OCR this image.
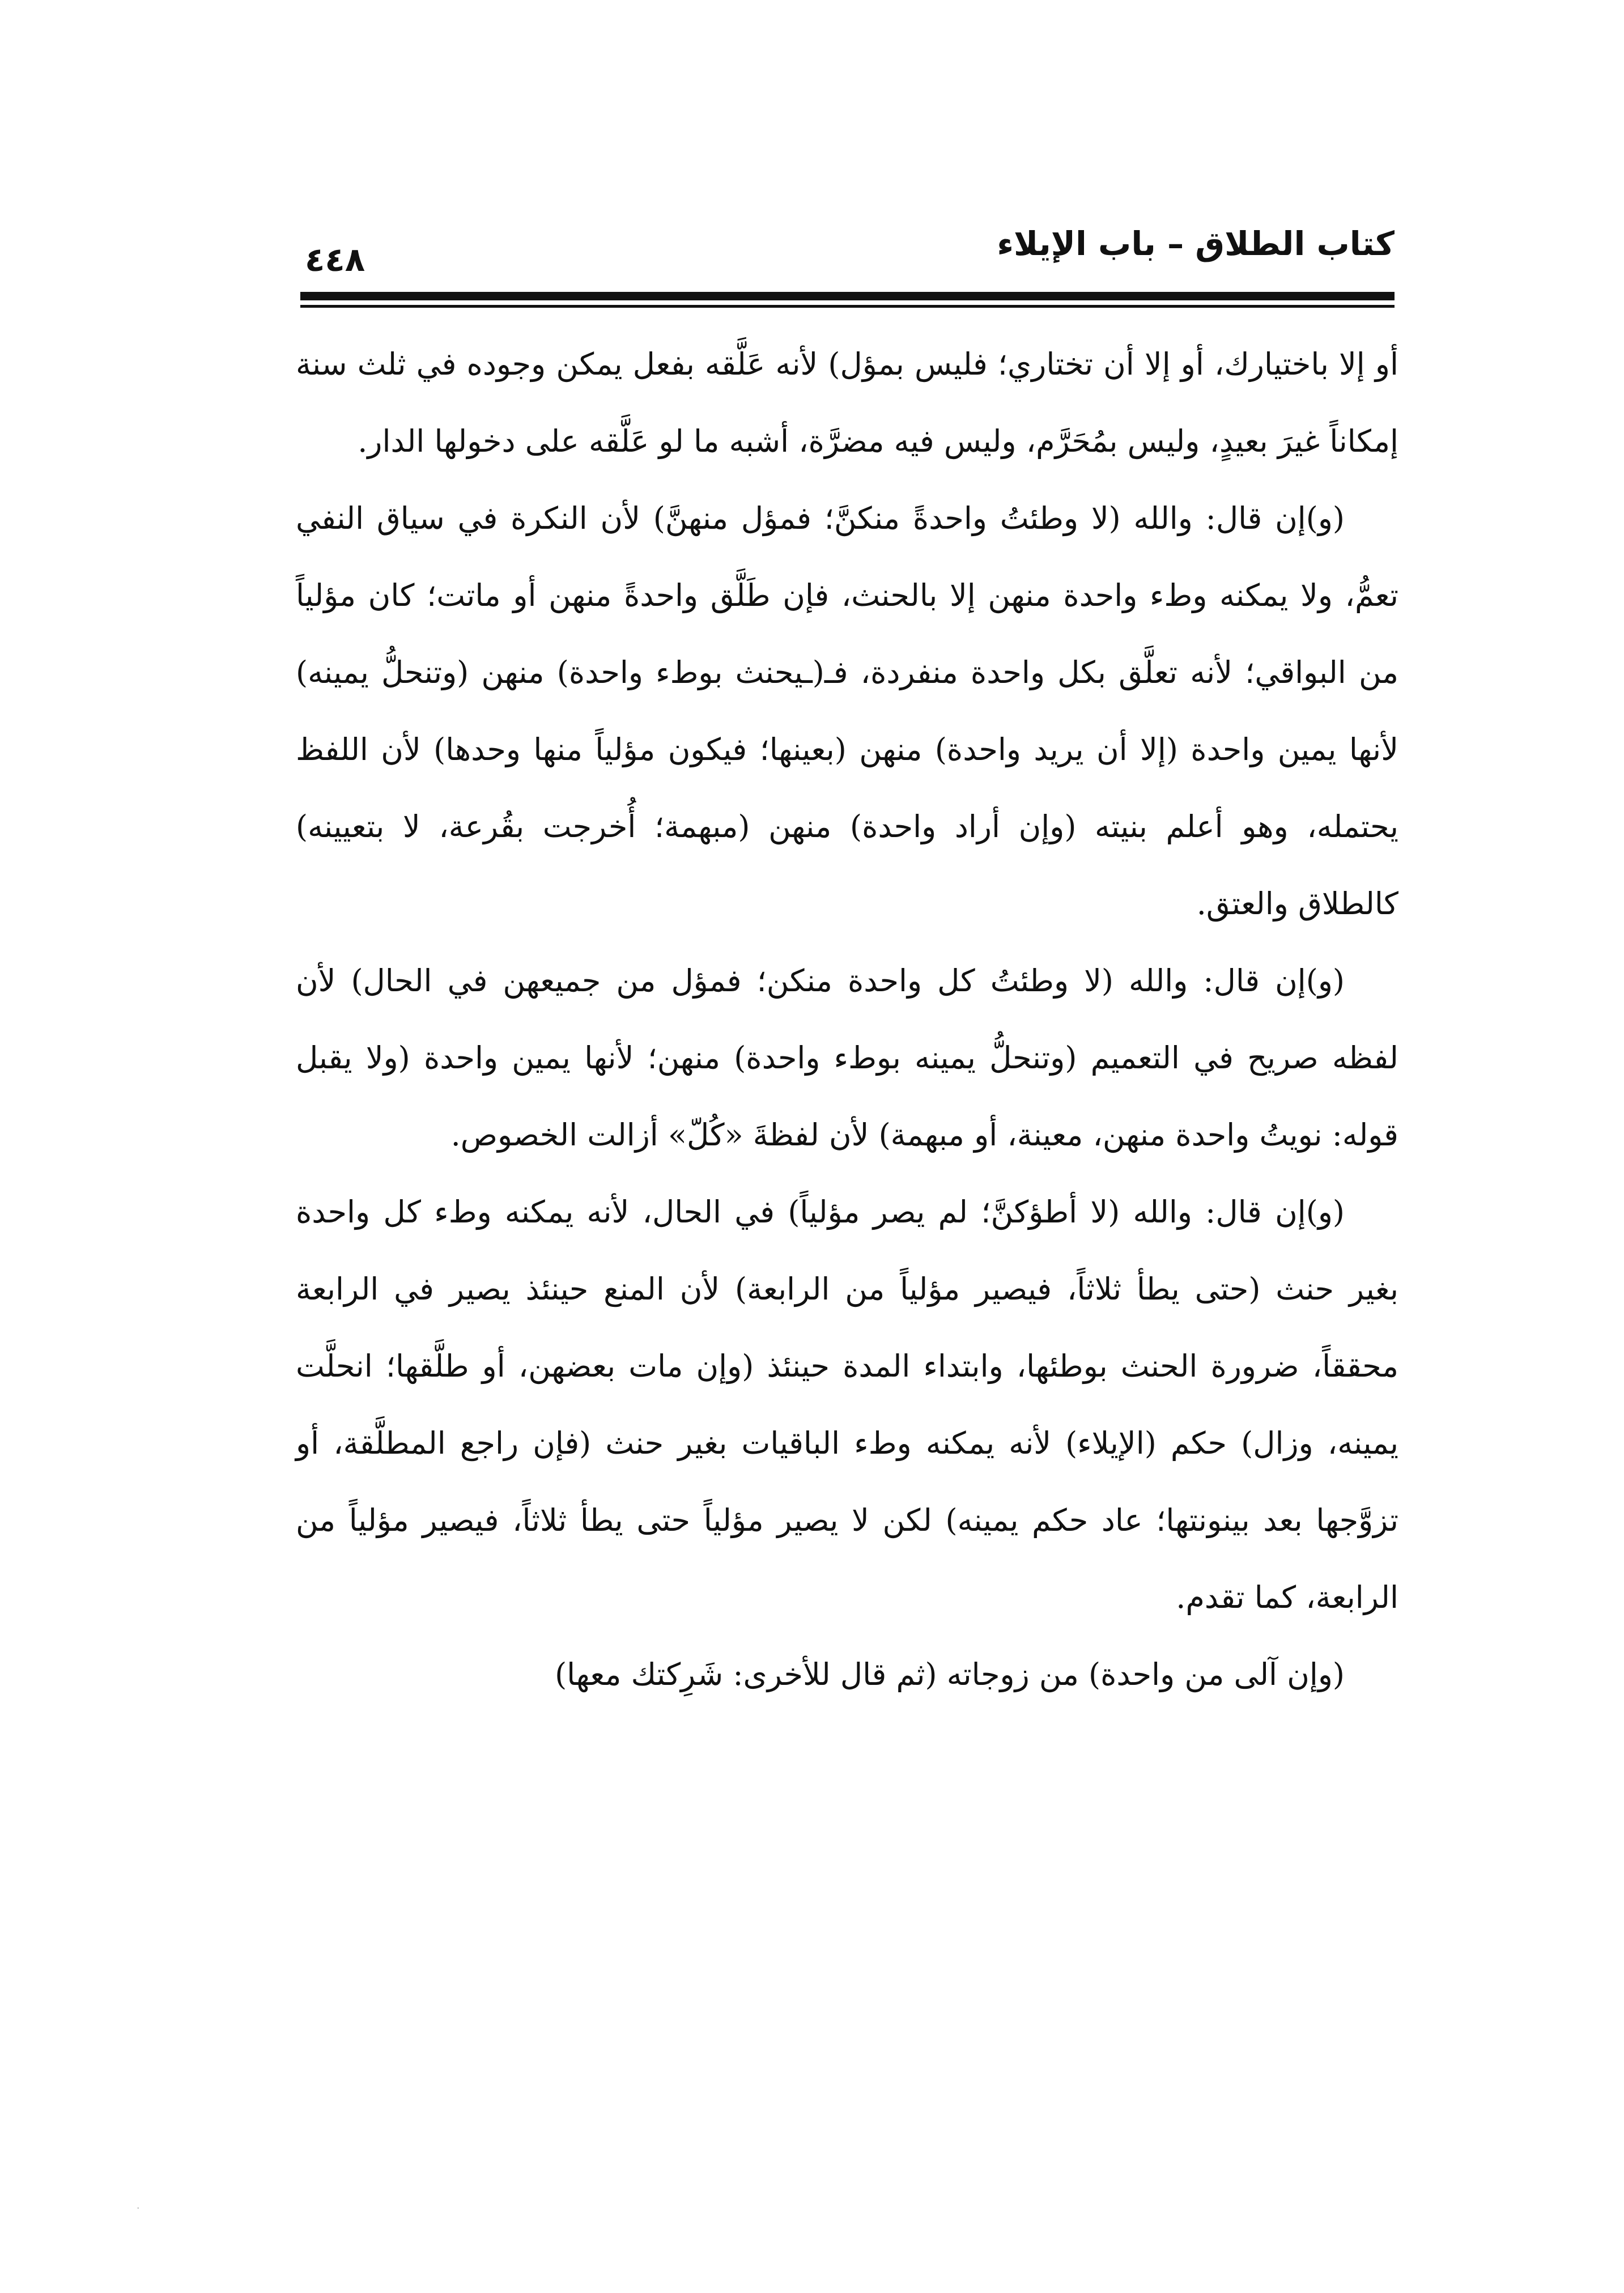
كتاب الطلاق – باب الإيلاء
٤٤٨

أو إلا باختيارك، أو إلا أن تختاري؛ فليس بمؤل) لأنه عَلَّقه بفعل يمكن وجوده في ثلث سنة إمكاناً غيرَ بعيدٍ، وليس بمُحَرَّم، وليس فيه مضرَّة، أشبه ما لو عَلَّقه على دخولها الدار.

(و)إن قال: والله (لا وطئتُ واحدةً منكنَّ؛ فمؤل منهنَّ) لأن النكرة في سياق النفي تعمُّ، ولا يمكنه وطء واحدة منهن إلا بالحنث، فإن طَلَّق واحدةً منهن أو ماتت؛ كان مؤلياً من البواقي؛ لأنه تعلَّق بكل واحدة منفردة، فـ(ـيحنث بوطء واحدة) منهن (وتنحلُّ يمينه) لأنها يمين واحدة (إلا أن يريد واحدة) منهن (بعينها؛ فيكون مؤلياً منها وحدها) لأن اللفظ يحتمله، وهو أعلم بنيته (وإن أراد واحدة) منهن (مبهمة؛ أُخرجت بقُرعة، لا بتعيينه) كالطلاق والعتق.

(و)إن قال: والله (لا وطئتُ كل واحدة منكن؛ فمؤل من جميعهن في الحال) لأن لفظه صريح في التعميم (وتنحلُّ يمينه بوطء واحدة) منهن؛ لأنها يمين واحدة (ولا يقبل قوله: نويتُ واحدة منهن، معينة، أو مبهمة) لأن لفظةَ «كُلّ» أزالت الخصوص.

(و)إن قال: والله (لا أطؤكنَّ؛ لم يصر مؤلياً) في الحال، لأنه يمكنه وطء كل واحدة بغير حنث (حتى يطأ ثلاثاً، فيصير مؤلياً من الرابعة) لأن المنع حينئذ يصير في الرابعة محققاً، ضرورة الحنث بوطئها، وابتداء المدة حينئذ (وإن مات بعضهن، أو طلَّقها؛ انحلَّت يمينه، وزال) حكم (الإيلاء) لأنه يمكنه وطء الباقيات بغير حنث (فإن راجع المطلَّقة، أو تزوَّجها بعد بينونتها؛ عاد حكم يمينه) لكن لا يصير مؤلياً حتى يطأ ثلاثاً، فيصير مؤلياً من الرابعة، كما تقدم.

(وإن آلى من واحدة) من زوجاته (ثم قال للأخرى: شَرِكتك معها)

.
